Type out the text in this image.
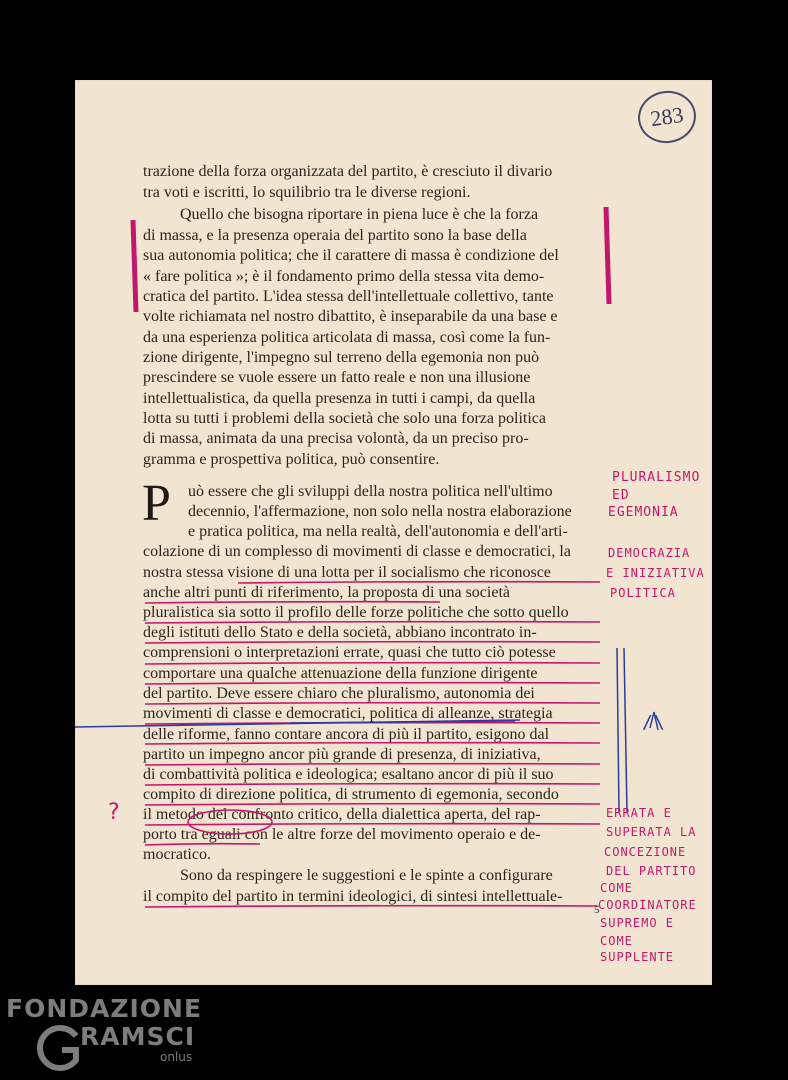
283
trazione della forza organizzata del partito, è cresciuto il divario
tra voti e iscritti, lo squilibrio tra le diverse regioni.
Quello che bisogna riportare in piena luce è che la forza
di massa, e la presenza operaia del partito sono la base della
sua autonomia politica; che il carattere di massa è condizione del
« fare politica »; è il fondamento primo della stessa vita demo-
cratica del partito. L'idea stessa dell'intellettuale collettivo, tante
volte richiamata nel nostro dibattito, è inseparabile da una base e
da una esperienza politica articolata di massa, così come la fun-
zione dirigente, l'impegno sul terreno della egemonia non può
prescindere se vuole essere un fatto reale e non una illusione
intellettualistica, da quella presenza in tutti i campi, da quella
lotta su tutti i problemi della società che solo una forza politica
di massa, animata da una precisa volontà, da un preciso pro-
gramma e prospettiva politica, può consentire.
P uò essere che gli sviluppi della nostra politica nell'ultimo
decennio, l'affermazione, non solo nella nostra elaborazione
e pratica politica, ma nella realtà, dell'autonomia e dell'arti-
colazione di un complesso di movimenti di classe e democratici, la
nostra stessa visione di una lotta per il socialismo che riconosce
anche altri punti di riferimento, la proposta di una società
pluralistica sia sotto il profilo delle forze politiche che sotto quello
degli istituti dello Stato e della società, abbiano incontrato in-
comprensioni o interpretazioni errate, quasi che tutto ciò potesse
comportare una qualche attenuazione della funzione dirigente
del partito. Deve essere chiaro che pluralismo, autonomia dei
movimenti di classe e democratici, politica di alleanze, strategia
delle riforme, fanno contare ancora di più il partito, esigono dal
partito un impegno ancor più grande di presenza, di iniziativa,
di combattività politica e ideologica; esaltano ancor di più il suo
compito di direzione politica, di strumento di egemonia, secondo
il metodo del confronto critico, della dialettica aperta, del rap-
porto tra eguali con le altre forze del movimento operaio e de-
mocratico.
Sono da respingere le suggestioni e le spinte a configurare
il compito del partito in termini ideologici, di sintesi intellettuale-
5
PLURALISMO
ED
EGEMONIA
DEMOCRAZIA
E INIZIATIVA
POLITICA
ERRATA E
SUPERATA LA
CONCEZIONE
DEL PARTITO
COME
COORDINATORE
SUPREMO E
COME
SUPPLENTE
?
/\
FONDAZIONE
RAMSCI
onlus
